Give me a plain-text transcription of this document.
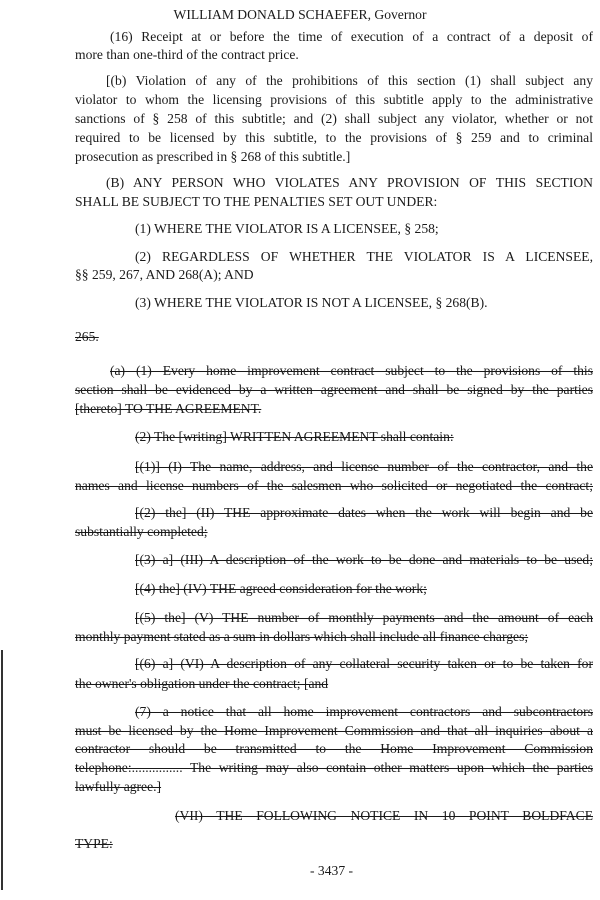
WILLIAM DONALD SCHAEFER, Governor
(16) Receipt at or before the time of execution of a contract of a deposit of
more than one-third of the contract price.
[(b) Violation of any of the prohibitions of this section (1) shall subject any
violator to whom the licensing provisions of this subtitle apply to the administrative
sanctions of § 258 of this subtitle; and (2) shall subject any violator, whether or not
required to be licensed by this subtitle, to the provisions of § 259 and to criminal
prosecution as prescribed in § 268 of this subtitle.]
(B) ANY PERSON WHO VIOLATES ANY PROVISION OF THIS SECTION
SHALL BE SUBJECT TO THE PENALTIES SET OUT UNDER:
(1) WHERE THE VIOLATOR IS A LICENSEE, § 258;
(2) REGARDLESS OF WHETHER THE VIOLATOR IS A LICENSEE,
§§ 259, 267, AND 268(A); AND
(3) WHERE THE VIOLATOR IS NOT A LICENSEE, § 268(B).
265.
(a) (1) Every home improvement contract subject to the provisions of this
section shall be evidenced by a written agreement and shall be signed by the parties
[thereto] TO THE AGREEMENT.
(2) The [writing] WRITTEN AGREEMENT shall contain:
[(1)] (I) The name, address, and license number of the contractor, and the
names and license numbers of the salesmen who solicited or negotiated the contract;
[(2) the] (II) THE approximate dates when the work will begin and be
substantially completed;
[(3) a] (III) A description of the work to be done and materials to be used;
[(4) the] (IV) THE agreed consideration for the work;
[(5) the] (V) THE number of monthly payments and the amount of each
monthly payment stated as a sum in dollars which shall include all finance charges;
[(6) a] (VI) A description of any collateral security taken or to be taken for
the owner's obligation under the contract; [and
(7) a notice that all home improvement contractors and subcontractors
must be licensed by the Home Improvement Commission and that all inquiries about a
contractor should be transmitted to the Home Improvement Commission
telephone:............... The writing may also contain other matters upon which the parties
lawfully agree.]
(VII) THE FOLLOWING NOTICE IN 10 POINT BOLDFACE
TYPE:
- 3437 -
